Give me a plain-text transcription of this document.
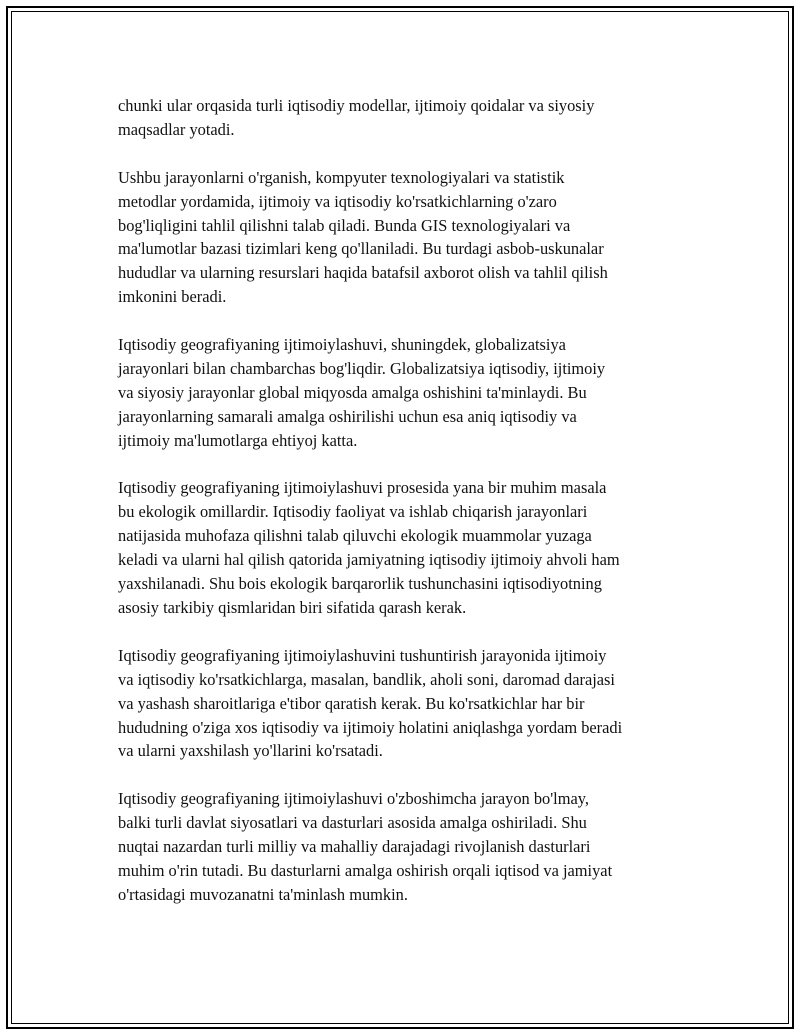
chunki ular orqasida turli iqtisodiy modellar, ijtimoiy qoidalar va siyosiy
maqsadlar yotadi.

Ushbu jarayonlarni o'rganish, kompyuter texnologiyalari va statistik
metodlar yordamida, ijtimoiy va iqtisodiy ko'rsatkichlarning o'zaro
bog'liqligini tahlil qilishni talab qiladi. Bunda GIS texnologiyalari va
ma'lumotlar bazasi tizimlari keng qo'llaniladi. Bu turdagi asbob-uskunalar
hududlar va ularning resurslari haqida batafsil axborot olish va tahlil qilish
imkonini beradi.

Iqtisodiy geografiyaning ijtimoiylashuvi, shuningdek, globalizatsiya
jarayonlari bilan chambarchas bog'liqdir. Globalizatsiya iqtisodiy, ijtimoiy
va siyosiy jarayonlar global miqyosda amalga oshishini ta'minlaydi. Bu
jarayonlarning samarali amalga oshirilishi uchun esa aniq iqtisodiy va
ijtimoiy ma'lumotlarga ehtiyoj katta.

Iqtisodiy geografiyaning ijtimoiylashuvi prosesida yana bir muhim masala
bu ekologik omillardir. Iqtisodiy faoliyat va ishlab chiqarish jarayonlari
natijasida muhofaza qilishni talab qiluvchi ekologik muammolar yuzaga
keladi va ularni hal qilish qatorida jamiyatning iqtisodiy ijtimoiy ahvoli ham
yaxshilanadi. Shu bois ekologik barqarorlik tushunchasini iqtisodiyotning
asosiy tarkibiy qismlaridan biri sifatida qarash kerak.

Iqtisodiy geografiyaning ijtimoiylashuvini tushuntirish jarayonida ijtimoiy
va iqtisodiy ko'rsatkichlarga, masalan, bandlik, aholi soni, daromad darajasi
va yashash sharoitlariga e'tibor qaratish kerak. Bu ko'rsatkichlar har bir
hududning o'ziga xos iqtisodiy va ijtimoiy holatini aniqlashga yordam beradi
va ularni yaxshilash yo'llarini ko'rsatadi.

Iqtisodiy geografiyaning ijtimoiylashuvi o'zboshimcha jarayon bo'lmay,
balki turli davlat siyosatlari va dasturlari asosida amalga oshiriladi. Shu
nuqtai nazardan turli milliy va mahalliy darajadagi rivojlanish dasturlari
muhim o'rin tutadi. Bu dasturlarni amalga oshirish orqali iqtisod va jamiyat
o'rtasidagi muvozanatni ta'minlash mumkin.
